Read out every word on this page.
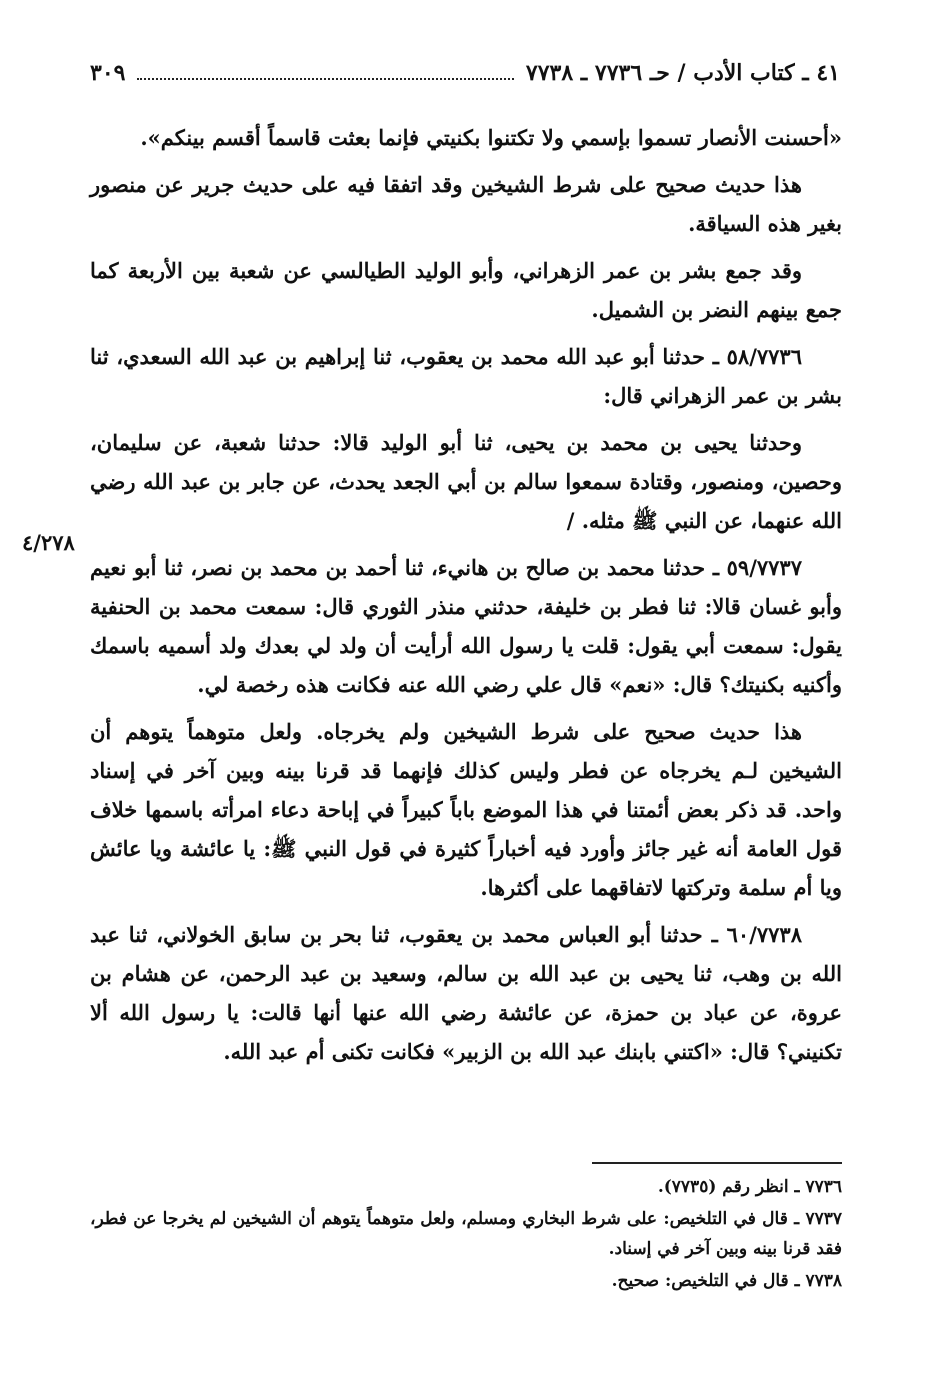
٤١ ـ كتاب الأدب / حـ ٧٧٣٦ ـ ٧٧٣٨
٣٠٩
٤/٢٧٨

«أحسنت الأنصار تسموا بإسمي ولا تكتنوا بكنيتي فإنما بعثت قاسماً أقسم بينكم».

هذا حديث صحيح على شرط الشيخين وقد اتفقا فيه على حديث جرير عن منصور بغير هذه السياقة.

وقد جمع بشر بن عمر الزهراني، وأبو الوليد الطيالسي عن شعبة بين الأربعة كما جمع بينهم النضر بن الشميل.

٥٨/٧٧٣٦ ـ حدثنا أبو عبد الله محمد بن يعقوب، ثنا إبراهيم بن عبد الله السعدي، ثنا بشر بن عمر الزهراني قال:

وحدثنا يحيى بن محمد بن يحيى، ثنا أبو الوليد قالا: حدثنا شعبة، عن سليمان، وحصين، ومنصور، وقتادة سمعوا سالم بن أبي الجعد يحدث، عن جابر بن عبد الله رضي الله عنهما، عن النبي ﷺ مثله. /

٥٩/٧٧٣٧ ـ حدثنا محمد بن صالح بن هانيء، ثنا أحمد بن محمد بن نصر، ثنا أبو نعيم وأبو غسان قالا: ثنا فطر بن خليفة، حدثني منذر الثوري قال: سمعت محمد بن الحنفية يقول: سمعت أبي يقول: قلت يا رسول الله أرأيت أن ولد لي بعدك ولد أسميه باسمك وأكنيه بكنيتك؟ قال: «نعم» قال علي رضي الله عنه فكانت هذه رخصة لي.

هذا حديث صحيح على شرط الشيخين ولم يخرجاه. ولعل متوهماً يتوهم أن الشيخين لـم يخرجاه عن فطر وليس كذلك فإنهما قد قرنا بينه وبين آخر في إسناد واحد. قد ذكر بعض أئمتنا في هذا الموضع باباً كبيراً في إباحة دعاء امرأته باسمها خلاف قول العامة أنه غير جائز وأورد فيه أخباراً كثيرة في قول النبي ﷺ: يا عائشة ويا عائش ويا أم سلمة وتركتها لاتفاقهما على أكثرها.

٦٠/٧٧٣٨ ـ حدثنا أبو العباس محمد بن يعقوب، ثنا بحر بن سابق الخولاني، ثنا عبد الله بن وهب، ثنا يحيى بن عبد الله بن سالم، وسعيد بن عبد الرحمن، عن هشام بن عروة، عن عباد بن حمزة، عن عائشة رضي الله عنها أنها قالت: يا رسول الله ألا تكنيني؟ قال: «اكتني بابنك عبد الله بن الزبير» فكانت تكنى أم عبد الله.

٧٧٣٦ ـ انظر رقم (٧٧٣٥).

٧٧٣٧ ـ قال في التلخيص: على شرط البخاري ومسلم، ولعل متوهماً يتوهم أن الشيخين لم يخرجا عن فطر، فقد قرنا بينه وبين آخر في إسناد.

٧٧٣٨ ـ قال في التلخيص: صحيح.
